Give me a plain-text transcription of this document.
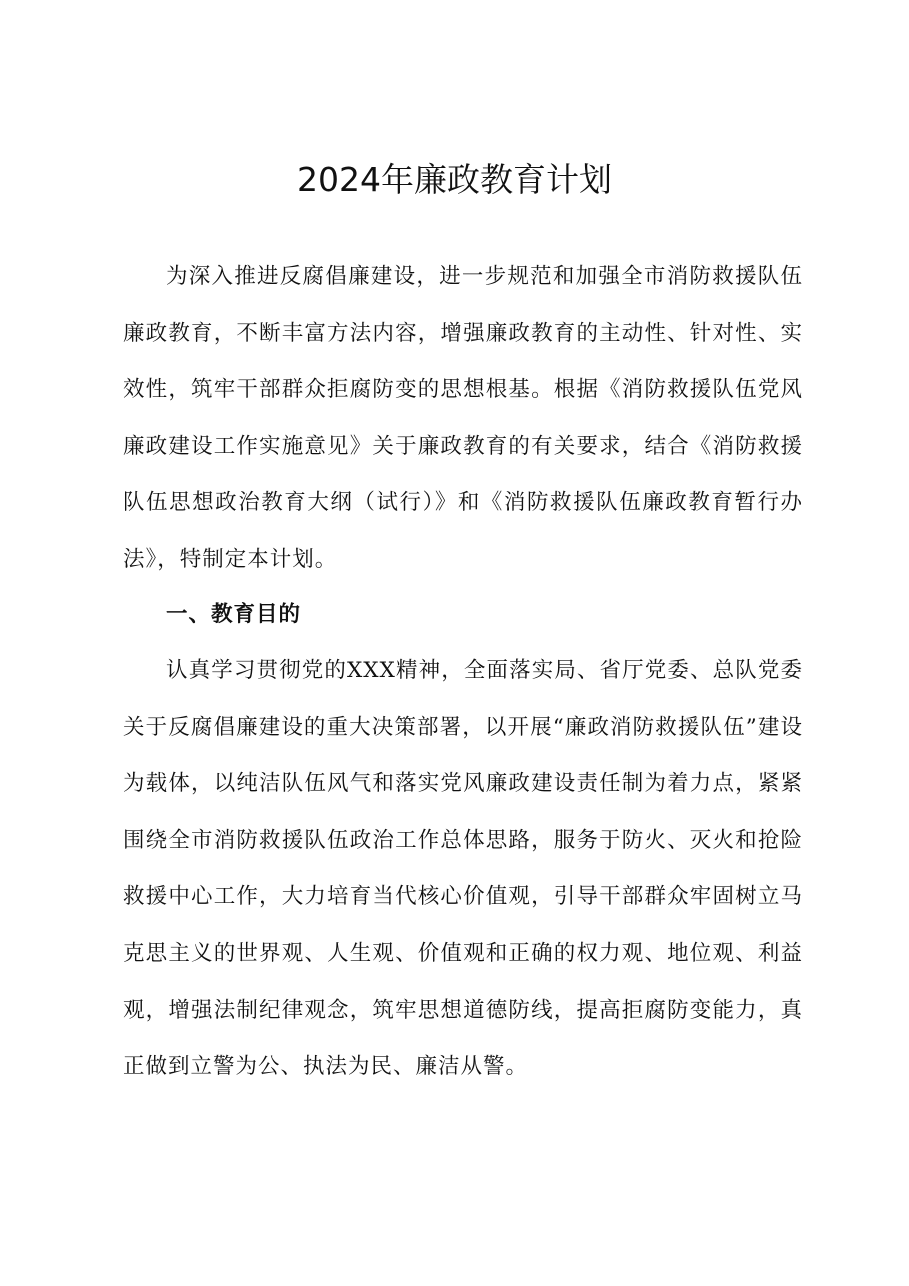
2024年廉政教育计划

为深入推进反腐倡廉建设，进一步规范和加强全市消防救援队伍廉政教育，不断丰富方法内容，增强廉政教育的主动性、针对性、实效性，筑牢干部群众拒腐防变的思想根基。根据《消防救援队伍党风廉政建设工作实施意见》关于廉政教育的有关要求，结合《消防救援队伍思想政治教育大纲（试行）》和《消防救援队伍廉政教育暂行办法》，特制定本计划。

一、教育目的

认真学习贯彻党的XXX精神，全面落实局、省厅党委、总队党委关于反腐倡廉建设的重大决策部署，以开展“廉政消防救援队伍”建设为载体，以纯洁队伍风气和落实党风廉政建设责任制为着力点，紧紧围绕全市消防救援队伍政治工作总体思路，服务于防火、灭火和抢险救援中心工作，大力培育当代核心价值观，引导干部群众牢固树立马克思主义的世界观、人生观、价值观和正确的权力观、地位观、利益观，增强法制纪律观念，筑牢思想道德防线，提高拒腐防变能力，真正做到立警为公、执法为民、廉洁从警。
